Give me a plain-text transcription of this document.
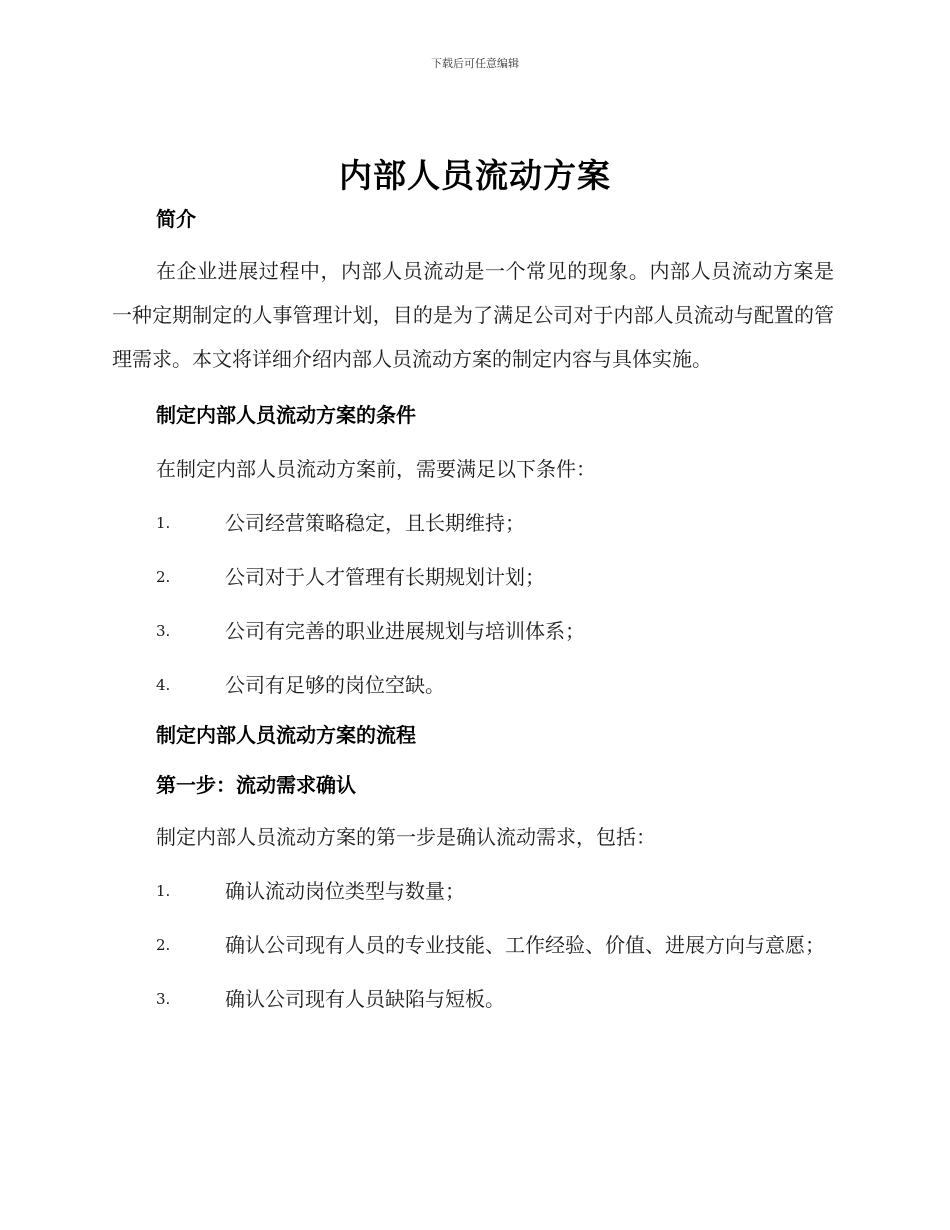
下载后可任意编辑
内部人员流动方案

简介

在企业进展过程中，内部人员流动是一个常见的现象。内部人员流动方案是一种定期制定的人事管理计划，目的是为了满足公司对于内部人员流动与配置的管理需求。本文将详细介绍内部人员流动方案的制定内容与具体实施。

制定内部人员流动方案的条件

在制定内部人员流动方案前，需要满足以下条件：

1.	公司经营策略稳定，且长期维持；

2.	公司对于人才管理有长期规划计划；

3.	公司有完善的职业进展规划与培训体系；

4.	公司有足够的岗位空缺。

制定内部人员流动方案的流程

第一步：流动需求确认

制定内部人员流动方案的第一步是确认流动需求，包括：

1.	确认流动岗位类型与数量；

2.	确认公司现有人员的专业技能、工作经验、价值、进展方向与意愿；

3.	确认公司现有人员缺陷与短板。
